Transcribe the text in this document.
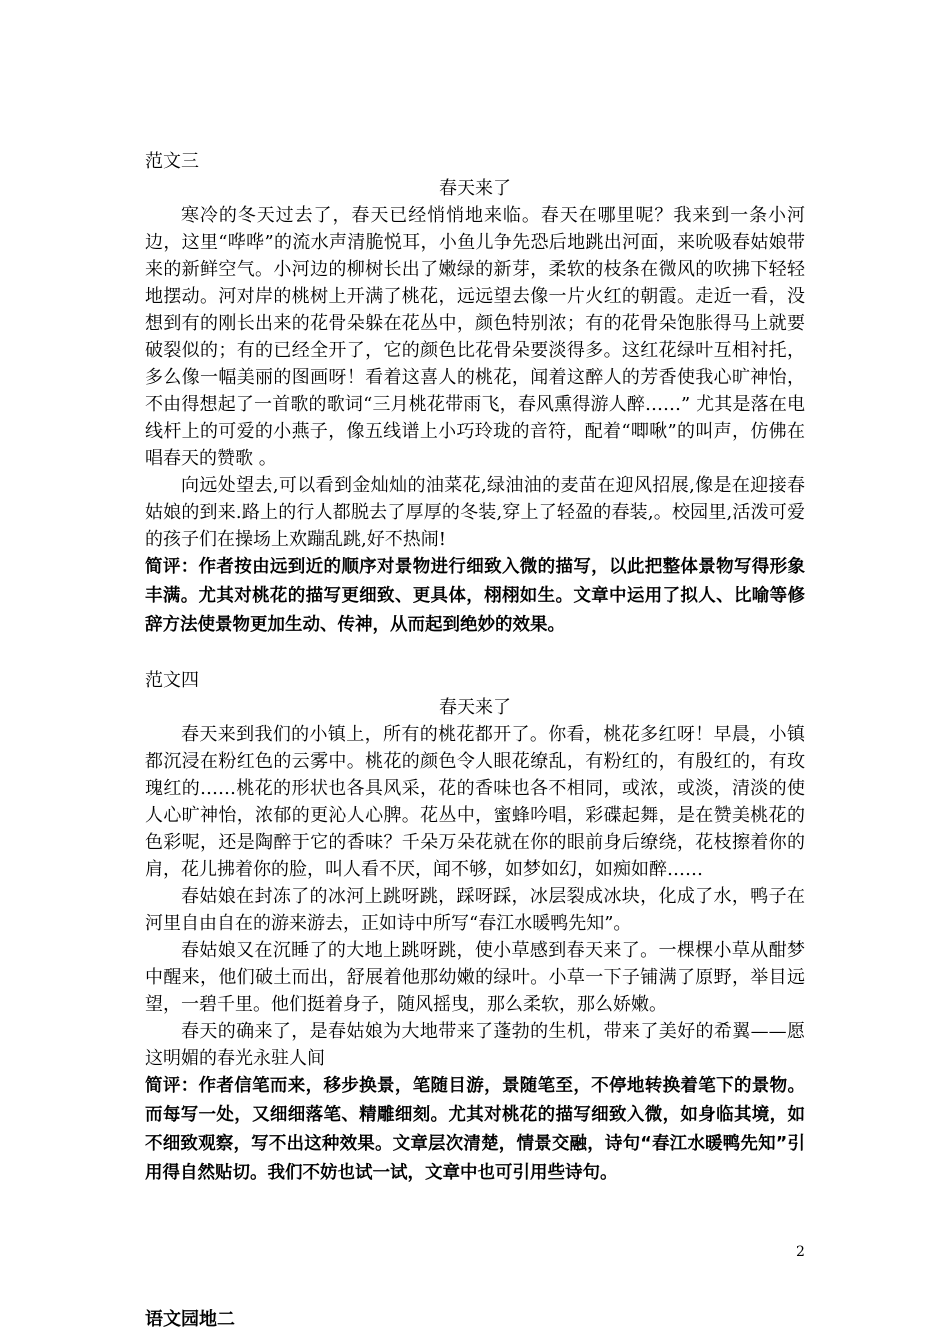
范文三

春天来了

寒冷的冬天过去了，春天已经悄悄地来临。春天在哪里呢？我来到一条小河边，这里“哗哗”的流水声清脆悦耳，小鱼儿争先恐后地跳出河面，来吮吸春姑娘带来的新鲜空气。小河边的柳树长出了嫩绿的新芽，柔软的枝条在微风的吹拂下轻轻地摆动。河对岸的桃树上开满了桃花，远远望去像一片火红的朝霞。走近一看，没想到有的刚长出来的花骨朵躲在花丛中，颜色特别浓；有的花骨朵饱胀得马上就要破裂似的；有的已经全开了，它的颜色比花骨朵要淡得多。这红花绿叶互相衬托，多么像一幅美丽的图画呀！看着这喜人的桃花，闻着这醉人的芳香使我心旷神怡，不由得想起了一首歌的歌词“三月桃花带雨飞，春风熏得游人醉……” 尤其是落在电线杆上的可爱的小燕子，像五线谱上小巧玲珑的音符，配着“唧啾”的叫声，仿佛在唱春天的赞歌 。

向远处望去,可以看到金灿灿的油菜花,绿油油的麦苗在迎风招展,像是在迎接春姑娘的到来.路上的行人都脱去了厚厚的冬装,穿上了轻盈的春装,。校园里,活泼可爱的孩子们在操场上欢蹦乱跳,好不热闹!

简评：作者按由远到近的顺序对景物进行细致入微的描写，以此把整体景物写得形象丰满。尤其对桃花的描写更细致、更具体，栩栩如生。文章中运用了拟人、比喻等修辞方法使景物更加生动、传神，从而起到绝妙的效果。

范文四

春天来了

春天来到我们的小镇上，所有的桃花都开了。你看，桃花多红呀！早晨，小镇都沉浸在粉红色的云雾中。桃花的颜色令人眼花缭乱，有粉红的，有殷红的，有玫瑰红的……桃花的形状也各具风采，花的香味也各不相同，或浓，或淡，清淡的使人心旷神怡，浓郁的更沁人心脾。花丛中，蜜蜂吟唱，彩碟起舞，是在赞美桃花的色彩呢，还是陶醉于它的香味？千朵万朵花就在你的眼前身后缭绕，花枝擦着你的肩，花儿拂着你的脸，叫人看不厌，闻不够，如梦如幻，如痴如醉……

春姑娘在封冻了的冰河上跳呀跳，踩呀踩，冰层裂成冰块，化成了水，鸭子在河里自由自在的游来游去，正如诗中所写“春江水暖鸭先知”。

春姑娘又在沉睡了的大地上跳呀跳，使小草感到春天来了。一棵棵小草从酣梦中醒来，他们破土而出，舒展着他那幼嫩的绿叶。小草一下子铺满了原野，举目远望，一碧千里。他们挺着身子，随风摇曳，那么柔软，那么娇嫩。

春天的确来了，是春姑娘为大地带来了蓬勃的生机，带来了美好的希翼——愿这明媚的春光永驻人间

简评：作者信笔而来，移步换景，笔随目游，景随笔至，不停地转换着笔下的景物。而每写一处，又细细落笔、精雕细刻。尤其对桃花的描写细致入微，如身临其境，如不细致观察，写不出这种效果。文章层次清楚，情景交融，诗句“春江水暖鸭先知”引用得自然贴切。我们不妨也试一试，文章中也可引用些诗句。

语文园地二

2
